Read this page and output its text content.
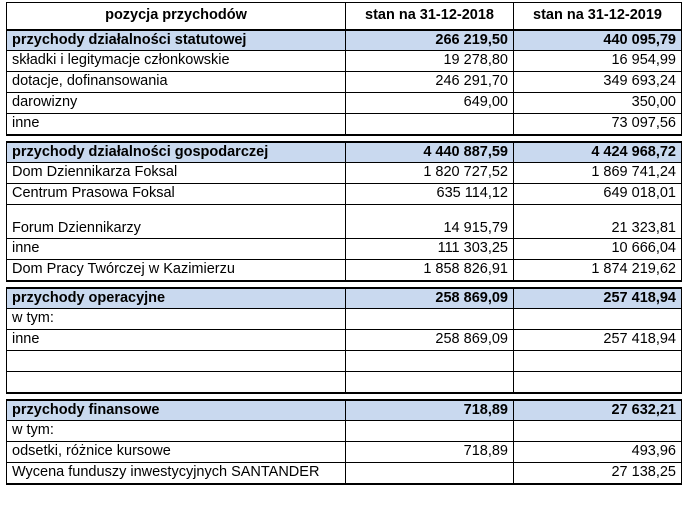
pozycja przychodów	stan na 31-12-2018	stan na 31-12-2019
przychody działalności statutowej	266 219,50	440 095,79
składki i legitymacje członkowskie	19 278,80	16 954,99
dotacje, dofinansowania	246 291,70	349 693,24
darowizny	649,00	350,00
inne		73 097,56

przychody działalności gospodarczej	4 440 887,59	4 424 968,72
Dom Dziennikarza Foksal	1 820 727,52	1 869 741,24
Centrum Prasowa Foksal	635 114,12	649 018,01
Forum Dziennikarzy	14 915,79	21 323,81
inne	111 303,25	10 666,04
Dom Pracy Twórczej w Kazimierzu	1 858 826,91	1 874 219,62

przychody operacyjne	258 869,09	257 418,94
w tym:		
inne	258 869,09	257 418,94

przychody finansowe	718,89	27 632,21
w tym:		
odsetki, różnice kursowe	718,89	493,96
Wycena funduszy inwestycyjnych SANTANDER		27 138,25
